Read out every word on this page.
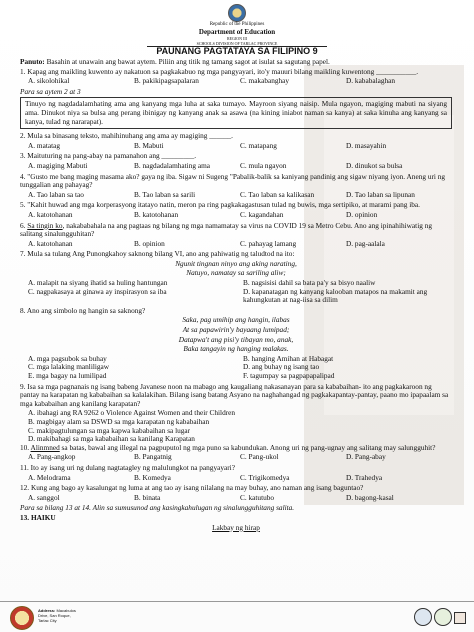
Republic of the Philippines
Department of Education
REGION III
SCHOOLS DIVISION OF TARLAC PROVINCE
PAUNANG PAGTATAYA SA FILIPINO 9
Panuto: Basahin at unawain ang bawat aytem. Piliin ang titik ng tamang sagot at isulat sa sagutang papel.
1. Kapag ang maikling kuwento ay nakatuon sa pagkakabuo ng mga pangyayari, ito'y mauuri bilang maikling kuwentong ___________.
A. sikolohikal	B. pakikipagsapalaran	C. makabanghay	D. kababalaghan
Para sa aytem 2 at 3
Tinuyo ng nagdadalamhating ama ang kanyang mga luha at saka tumayo. Mayroon siyang naisip. Mula ngayon, magiging mabuti na siyang ama. Dinukot niya sa bulsa ang perang ibinigay ng kanyang anak sa asawa (na kining iniabot naman sa kanya) at saka kinuha ang kanyang sa kanya, tulad ng nararapat).
2. Mula sa binasang teksto, mahihinuhang ang ama ay magiging ______.
A. matatag	B. Mabuti	C. matapang	D. masayahin
3. Maituturing na pang-abay na pamanahon ang _________.
A. magiging Mabuti	B. nagdadalamhating ama	C. mula ngayon	D. dinukot sa bulsa
4. "Gusto me bang maging masama ako? gaya ng iba. Sigaw ni Sugeng "Pabalik-balik sa kaniyang pandinig ang sigaw niyang iyon. Aneng uri ng tunggalian ang pahayag?
A. Tao laban sa tao	B. Tao laban sa sarili	C. Tao laban sa kalikasan	D. Tao laban sa lipunan
5. "Kahit huwad ang mga korperasyong itatayo natin, meron pa ring pagkakagastusan tulad ng buwis, mga sertipiko, at marami pang iba.
A. katotohanan	B. katotohanan	C. kagandahan	D. opinion
6. Sa tingin ko, nakababahala na ang pagtaas ng bilang ng mga namamatay sa virus na COVID 19 sa Metro Cebu. Ano ang ipinahihiwatig ng salitang sinalungguhitan?
A. katotohanan	B. opinion	C. pahayag lamang	D. pag-aalala
7. Mula sa tulang Ang Punongkahoy saknong bilang VI, ano ang pahiwatig ng taludtod na ito:
Ngunit tingnan ninyo ang aking narating,
Natuyo, namatay sa sariling aliw;
A. malapit na siyang ihatid sa huling hantungan	B. nagsisisi dahil sa bata pa'y sa bisyo naaliw
C. nagpakasaya at ginawa ay inspirasyon sa iba	D. kapanatagan ng kanyang kalooban matapos na makamit ang kahungkutan at nag-iisa sa dilim
8. Ano ang simbolo ng hangin sa saknong?
Saka, pag umihip ang hangin, ilabas
At sa papawirin'y bayaang lumipad;
Datapwa't ang pisi'y tibayan mo, anak,
Baka tangayin ng hanging malakas.
A. mga pagsubok sa buhay	B. hanging Amihan at Habagat
C. mga lalaking manliligaw	D. ang buhay ng isang tao
E. mga bagay na lumilipad	F. tagumpay sa pagpapapalipad
9. Isa sa mga pagnanais ng isang babeng Javanese noon na mabago ang kaugaliang nakasanayan para sa kababaihan- ito ang pagkakaroon ng pantay na karapatan ng kababaihan sa kalalakihan. Bilang isang batang Asyano na naghahangad ng pagkakapantay-pantay, paano mo ipapaalam sa mga kababaihan ang kanilang karapatan?
A. ibahagi ang RA 9262 o Violence Against Women and their Children
B. magbigay alam sa DSWD sa mga karapatan ng kababaihan
C. makipagtulungan sa mga kapwa kababaihan sa lugar
D. makibahagi sa mga kababaihan sa kanilang Karapatan
10. Alinmned sa batas, bawal ang illegal na pagpuputol ng mga puno sa kabundukan. Anong uri ng pang-ugnay ang salitang may salungguhit?
A. Pang-angkop	B. Pangatnig	C. Pang-ukol	D. Pang-abay
11. Ito ay isang uri ng dulang nagtatagley ng malulungkot na pangyayari?
A. Melodrama	B. Komedya	C. Trigikomedya	D. Trahedya
12. Kung ang bago ay kasalungat ng luma at ang tao ay isang nilalang na may buhay, ano naman ang isang baguntao?
A. sanggol	B. binata	C. katutubo	D. bagong-kasal
Para sa bilang 13 at 14. Alin sa sumusunod ang kasingkahulugan ng sinalungguhitang salita.
13. HAIKU
Lakbay ng hirap
Address: Macabulos
Drive, San Roque,
Tarlac City
